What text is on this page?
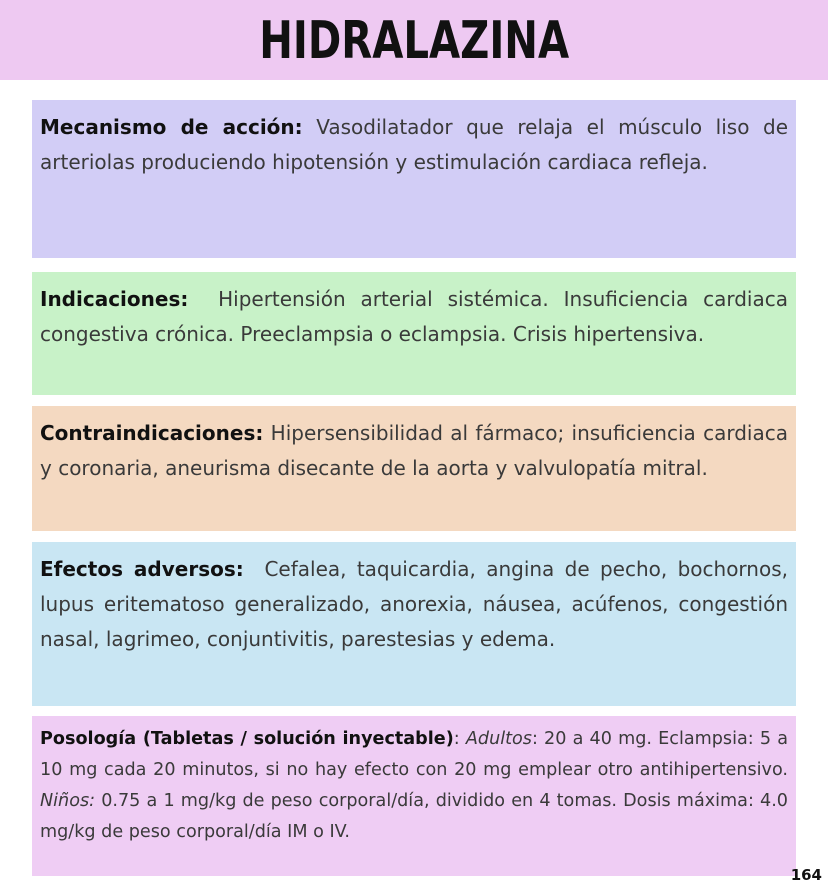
HIDRALAZINA
Mecanismo de acción: Vasodilatador que relaja el músculo liso de arteriolas produciendo hipotensión y estimulación cardiaca refleja.
Indicaciones:  Hipertensión arterial sistémica. Insuficiencia cardiaca congestiva crónica. Preeclampsia o eclampsia. Crisis hipertensiva.
Contraindicaciones: Hipersensibilidad al fármaco; insuficiencia cardiaca y coronaria, aneurisma disecante de la aorta y valvulopatía mitral.
Efectos adversos:  Cefalea, taquicardia, angina de pecho, bochornos, lupus eritematoso generalizado, anorexia, náusea, acúfenos, congestión nasal, lagrimeo, conjuntivitis, parestesias y edema.
Posología (Tabletas / solución inyectable): Adultos: 20 a 40 mg. Eclampsia: 5 a 10 mg cada 20 minutos, si no hay efecto con 20 mg emplear otro antihipertensivo. Niños: 0.75 a 1 mg/kg de peso corporal/día, dividido en 4 tomas. Dosis máxima: 4.0 mg/kg de peso corporal/día IM o IV.
164
